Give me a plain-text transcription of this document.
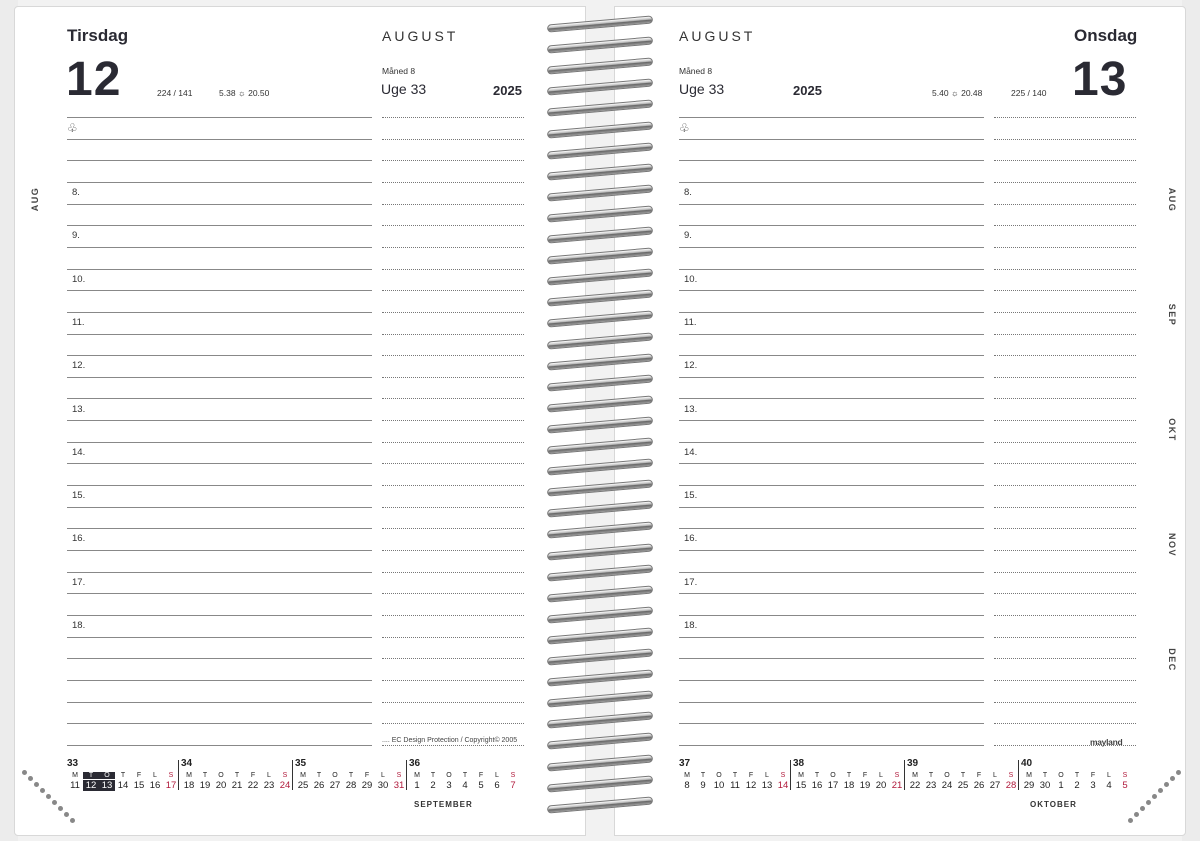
Tirsdag
12	224 / 141	5.38 ☼ 20.50
AUGUST
Måned 8
Uge 33	2025
♧
8.
9.
10.
11.
12.
13.
14.
15.
16.
17.
18.
.... EC Design Protection / Copyright© 2005
AUG
33
M	T	O	T	F	L	S
11 12 13 14 15 16 17
34
M	T	O	T	F	L	S
18 19 20 21 22 23 24
35
M	T	O	T	F	L	S
25 26 27 28 29 30 31
36
M	T	O	T	F	L	S
1	2	3	4	5	6	7
SEPTEMBER
Onsdag
13
225 / 140
5.40 ☼ 20.48
AUGUST
Måned 8
Uge 33	2025
♧
8.
9.
10.
11.
12.
13.
14.
15.
16.
17.
18.
mayland
AUG
SEP
OKT
NOV
DEC
37
M	T	O	T	F	L	S
8	9 10 11 12 13 14
38
M	T	O	T	F	L	S
15 16 17 18 19 20 21
39
M	T	O	T	F	L	S
22 23 24 25 26 27 28
40
M	T	O	T	F	L	S
29 30 1	2	3	4	5
OKTOBER
